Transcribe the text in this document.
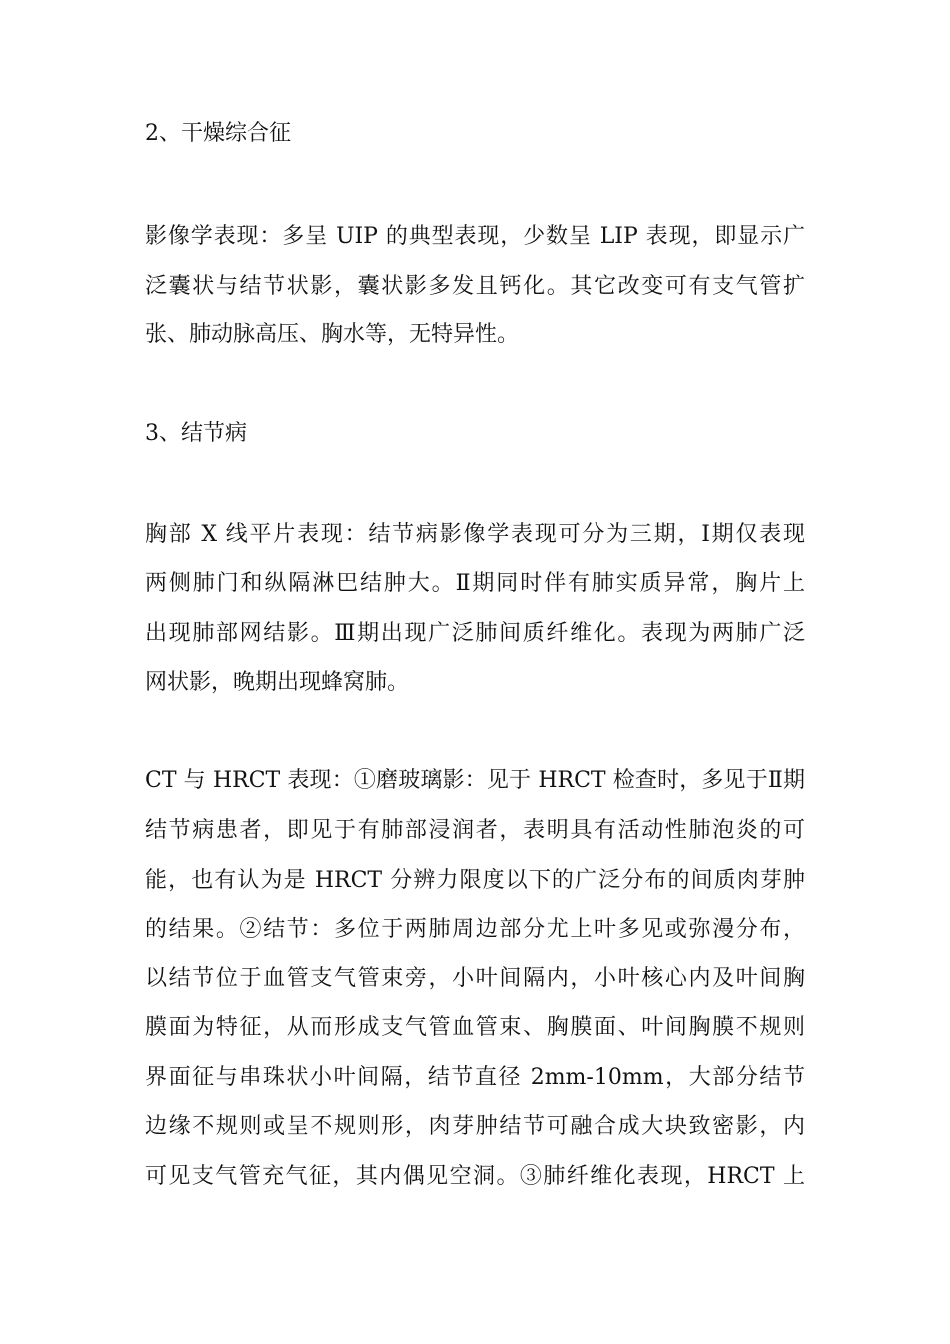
2、干燥综合征
影像学表现：多呈 UIP 的典型表现，少数呈 LIP 表现，即显示广
泛囊状与结节状影，囊状影多发且钙化。其它改变可有支气管扩
张、肺动脉高压、胸水等，无特异性。
3、结节病
胸部 X 线平片表现：结节病影像学表现可分为三期，Ⅰ期仅表现
两侧肺门和纵隔淋巴结肿大。Ⅱ期同时伴有肺实质异常，胸片上
出现肺部网结影。Ⅲ期出现广泛肺间质纤维化。表现为两肺广泛
网状影，晚期出现蜂窝肺。
CT 与 HRCT 表现：①磨玻璃影：见于 HRCT 检查时，多见于Ⅱ期
结节病患者，即见于有肺部浸润者，表明具有活动性肺泡炎的可
能，也有认为是 HRCT 分辨力限度以下的广泛分布的间质肉芽肿
的结果。②结节：多位于两肺周边部分尤上叶多见或弥漫分布，
以结节位于血管支气管束旁，小叶间隔内，小叶核心内及叶间胸
膜面为特征，从而形成支气管血管束、胸膜面、叶间胸膜不规则
界面征与串珠状小叶间隔，结节直径 2mm-10mm，大部分结节
边缘不规则或呈不规则形，肉芽肿结节可融合成大块致密影，内
可见支气管充气征，其内偶见空洞。③肺纤维化表现，HRCT 上
